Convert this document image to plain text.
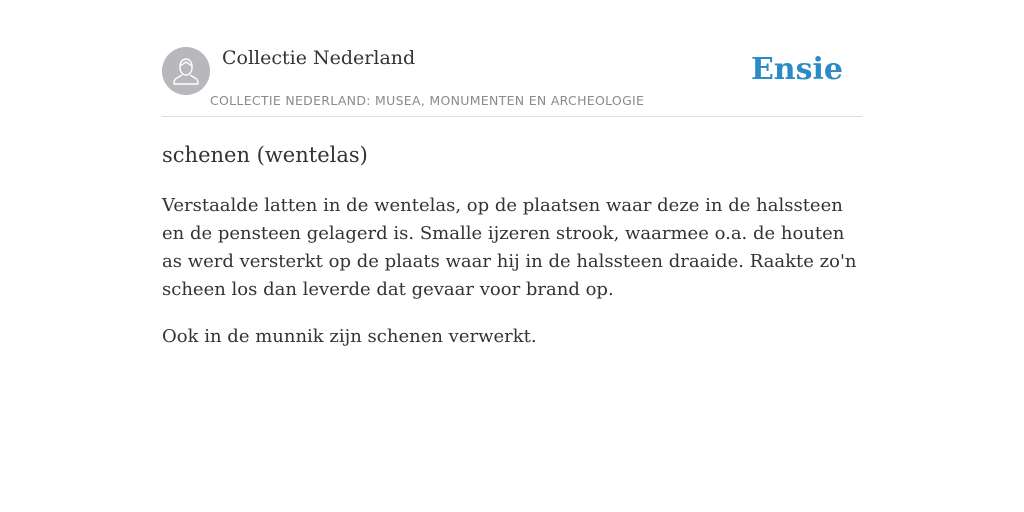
Collectie Nederland
COLLECTIE NEDERLAND: MUSEA, MONUMENTEN EN ARCHEOLOGIE
Ensie
schenen (wentelas)

Verstaalde latten in de wentelas, op de plaatsen waar deze in de halssteen en de pensteen gelagerd is. Smalle ijzeren strook, waarmee o.a. de houten as werd versterkt op de plaats waar hij in de halssteen draaide. Raakte zo'n scheen los dan leverde dat gevaar voor brand op.

Ook in de munnik zijn schenen verwerkt.
